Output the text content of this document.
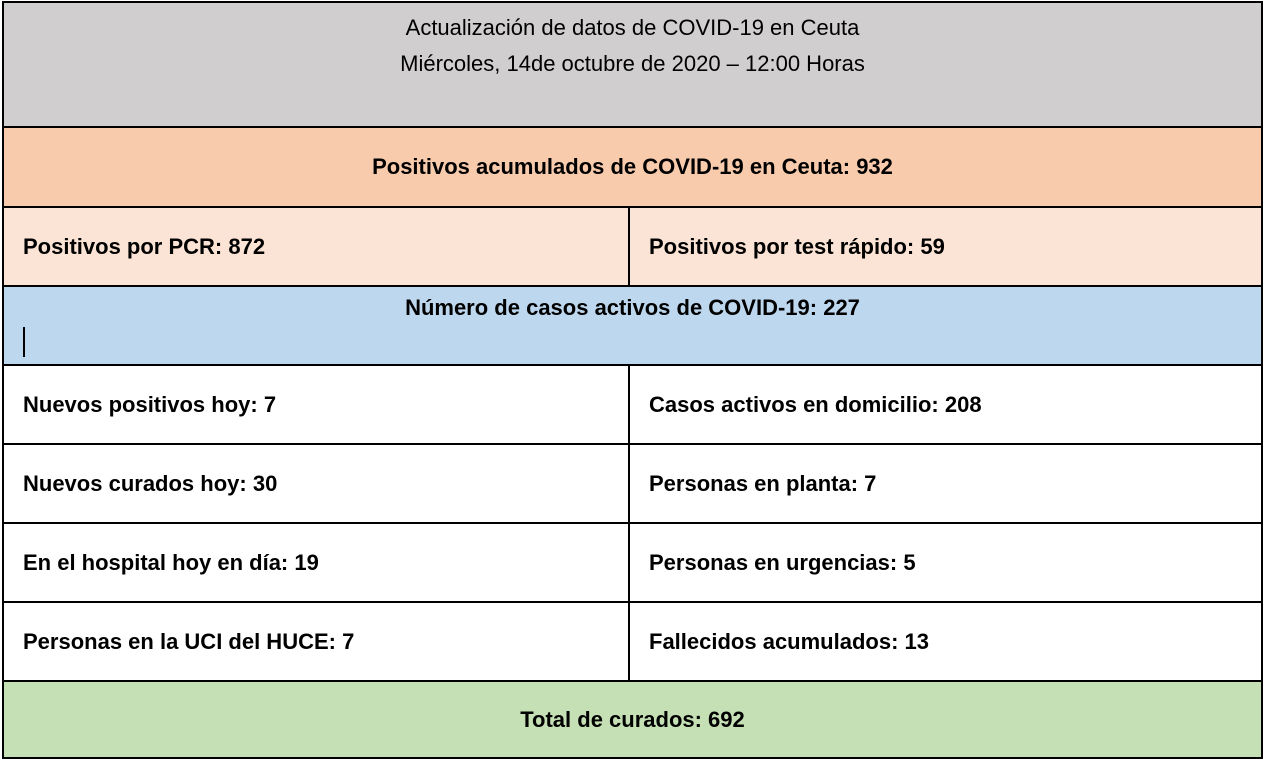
Actualización de datos de COVID-19 en Ceuta
Miércoles, 14de octubre de 2020 – 12:00 Horas
Positivos acumulados de COVID-19 en Ceuta: 932
Positivos por PCR: 872	Positivos por test rápido: 59
Número de casos activos de COVID-19: 227
Nuevos positivos hoy: 7	Casos activos en domicilio: 208
Nuevos curados hoy: 30	Personas en planta: 7
En el hospital hoy en día: 19	Personas en urgencias: 5
Personas en la UCI del HUCE: 7	Fallecidos acumulados: 13
Total de curados: 692
